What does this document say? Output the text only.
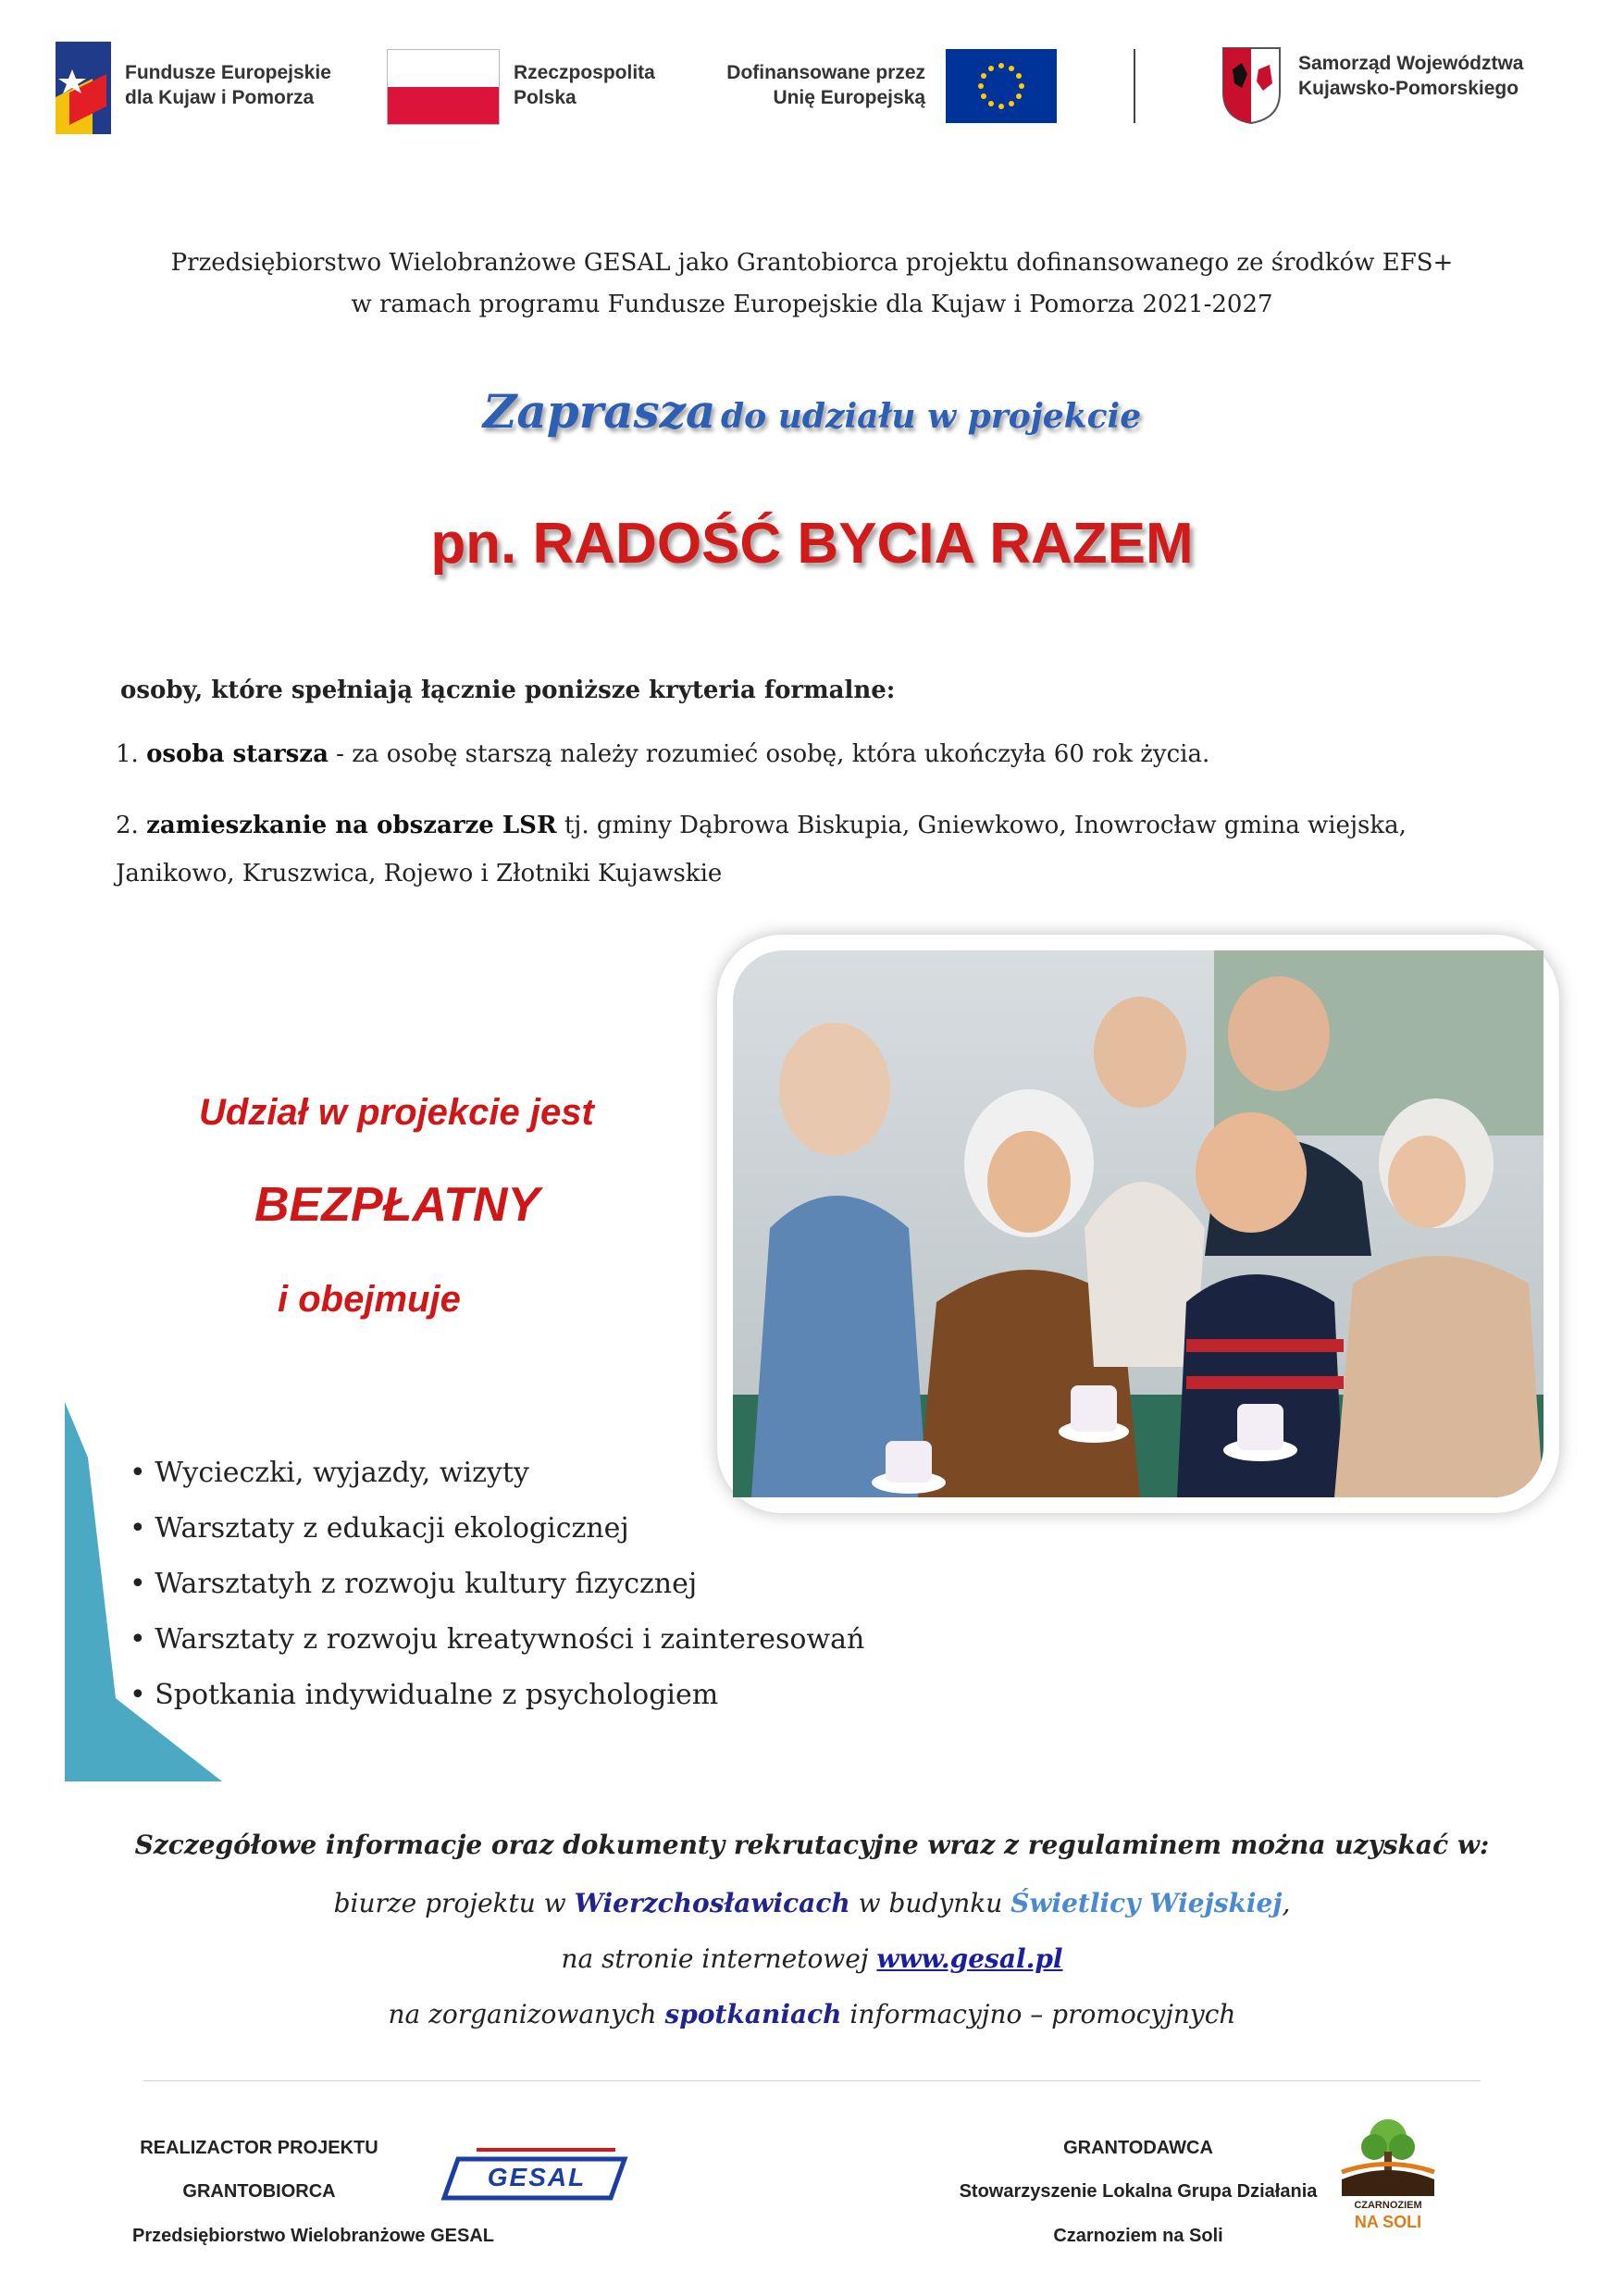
Fundusze Europejskie
dla Kujaw i Pomorza
Rzeczpospolita
Polska
Dofinansowane przez
Unię Europejską
Samorząd Województwa
Kujawsko-Pomorskiego
Przedsiębiorstwo Wielobranżowe GESAL jako Grantobiorca projektu dofinansowanego ze środków EFS+
w ramach programu Fundusze Europejskie dla Kujaw i Pomorza 2021-2027
Zaprasza do udziału w projekcie
pn. RADOŚĆ BYCIA RAZEM
osoby, które spełniają łącznie poniższe kryteria formalne:
1. osoba starsza - za osobę starszą należy rozumieć osobę, która ukończyła 60 rok życia.
2. zamieszkanie na obszarze LSR tj. gminy Dąbrowa Biskupia, Gniewkowo, Inowrocław gmina wiejska,
Janikowo, Kruszwica, Rojewo i Złotniki Kujawskie
Udział w projekcie jest
BEZPŁATNY
i obejmuje
• Wycieczki, wyjazdy, wizyty
• Warsztaty z edukacji ekologicznej
• Warsztatyh z rozwoju kultury fizycznej
• Warsztaty z rozwoju kreatywności i zainteresowań
• Spotkania indywidualne z psychologiem
Szczegółowe informacje oraz dokumenty rekrutacyjne wraz z regulaminem można uzyskać w:
biurze projektu w Wierzchosławicach w budynku Świetlicy Wiejskiej,
na stronie internetowej www.gesal.pl
na zorganizowanych spotkaniach informacyjno – promocyjnych
REALIZACTOR PROJEKTU
GRANTOBIORCA
Przedsiębiorstwo Wielobranżowe GESAL
GESAL
GRANTODAWCA
Stowarzyszenie Lokalna Grupa Działania
Czarnoziem na Soli
CZARNOZIEM
NA SOLI
